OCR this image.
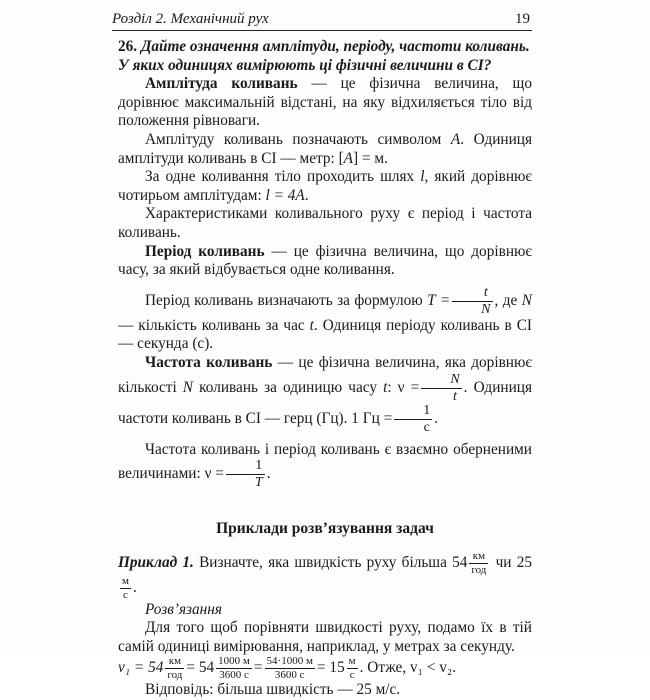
Розділ 2. Механічний рух	19

26. Дайте означення амплітуди, періоду, частоти коливань. У яких одиницях вимірюють ці фізичні величини в СІ?

Амплітуда коливань — це фізична величина, що дорівнює максимальній відстані, на яку відхиляється тіло від положення рівноваги.

Амплітуду коливань позначають символом A. Одиниця амплітуди коливань в СІ — метр: [A] = м.

За одне коливання тіло проходить шлях l, який дорівнює чотирьом амплітудам: l = 4A.

Характеристиками коливального руху є період і частота коливань.

Період коливань — це фізична величина, що дорівнює часу, за який відбувається одне коливання.

Період коливань визначають за формулою $T = \frac{t}{N}$ , де N — кількість коливань за час t. Одиниця періоду коливань в СІ — секунда (с).

Частота коливань — це фізична величина, яка дорівнює кількості N коливань за одиницю часу t: $\nu = \frac{N}{t}$ . Одиниця частоти коливань в СІ — герц (Гц). 1 Гц = $\frac{1}{с}$ .

Частота коливань і період коливань є взаємно оберненими величинами: $\nu = \frac{1}{T}$ .

Приклади розв’язування задач

Приклад 1. Визначте, яка швидкість руху більша $54 \frac{км}{\text{год}}$ чи 25
$\frac{м}{с}$ .

Розв’язання

Для того щоб порівняти швидкості руху, подамо їх в тій самій одиниці вимірювання, наприклад, у метрах за секунду.

$v_1 = 54 \frac{км}{\text{год}} = 54 \frac{1000 м}{3600 с} = \frac{54\cdot 1000 м}{3600 с} = 15 \frac{м}{с}$ . Отже, v₁ < v₂.

Відповідь: більша швидкість — 25 м/с.
